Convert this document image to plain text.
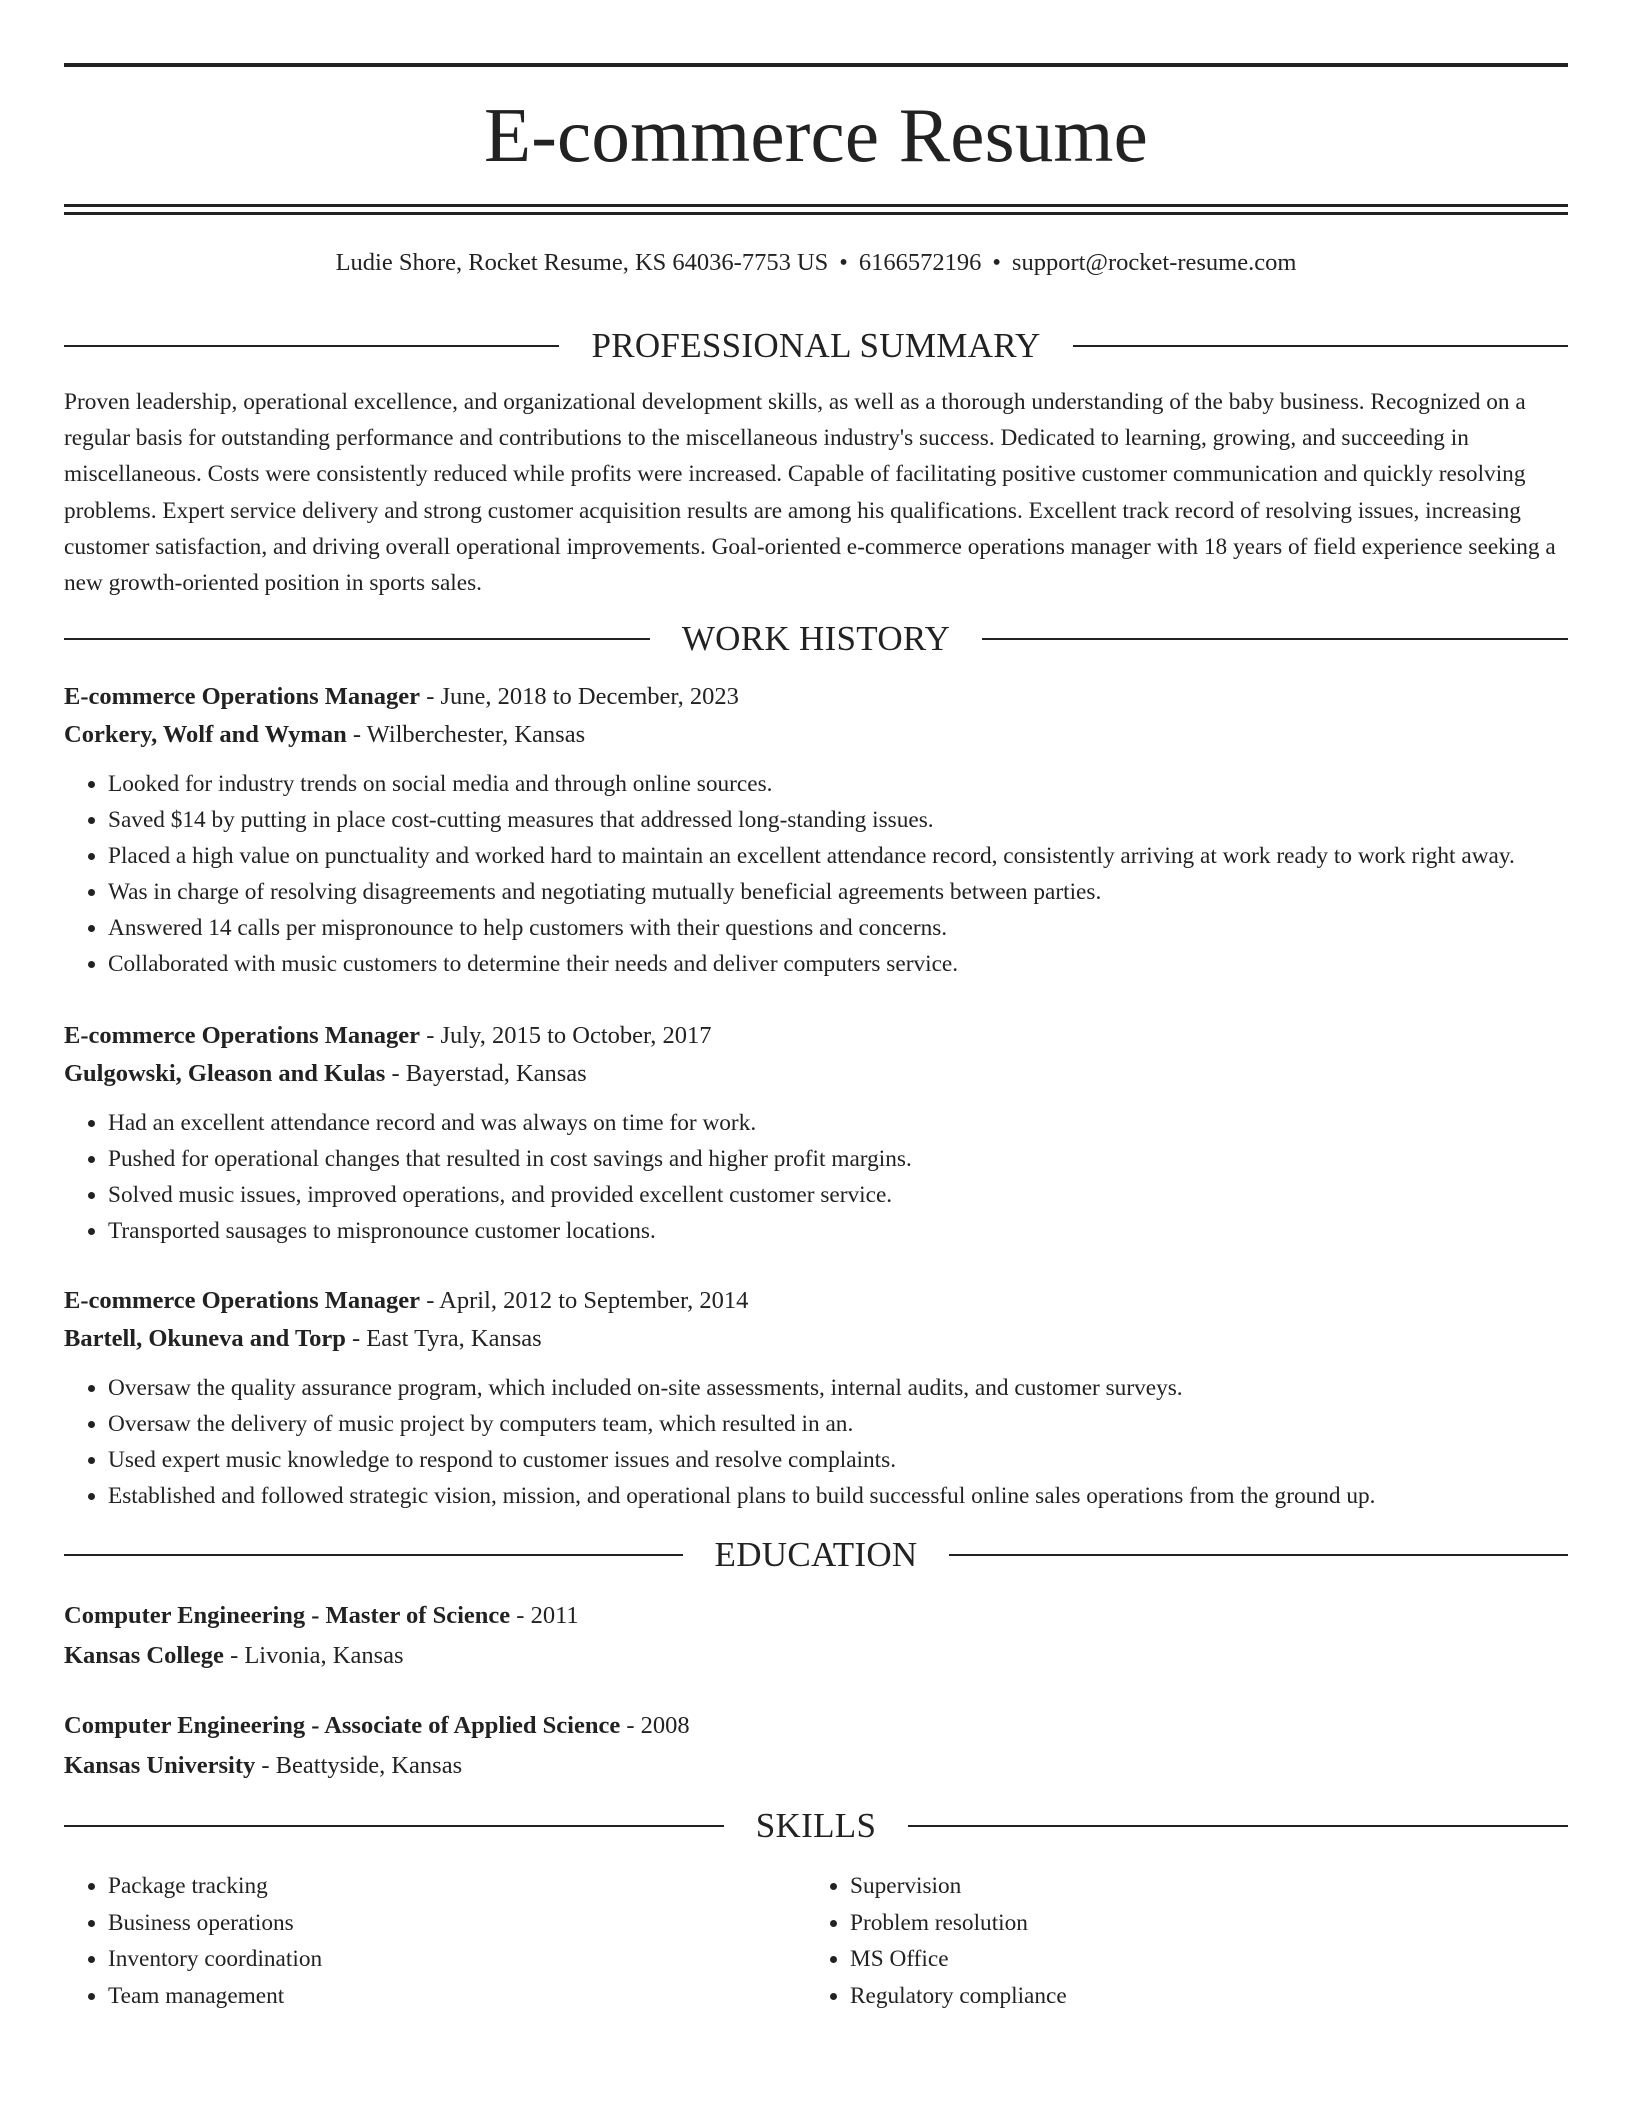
E-commerce Resume
Ludie Shore, Rocket Resume, KS 64036-7753 US • 6166572196 • support@rocket-resume.com
PROFESSIONAL SUMMARY
Proven leadership, operational excellence, and organizational development skills, as well as a thorough understanding of the baby business. Recognized on a regular basis for outstanding performance and contributions to the miscellaneous industry's success. Dedicated to learning, growing, and succeeding in miscellaneous. Costs were consistently reduced while profits were increased. Capable of facilitating positive customer communication and quickly resolving problems. Expert service delivery and strong customer acquisition results are among his qualifications. Excellent track record of resolving issues, increasing customer satisfaction, and driving overall operational improvements. Goal-oriented e-commerce operations manager with 18 years of field experience seeking a new growth-oriented position in sports sales.
WORK HISTORY
E-commerce Operations Manager - June, 2018 to December, 2023
Corkery, Wolf and Wyman - Wilberchester, Kansas
• Looked for industry trends on social media and through online sources.
• Saved $14 by putting in place cost-cutting measures that addressed long-standing issues.
• Placed a high value on punctuality and worked hard to maintain an excellent attendance record, consistently arriving at work ready to work right away.
• Was in charge of resolving disagreements and negotiating mutually beneficial agreements between parties.
• Answered 14 calls per mispronounce to help customers with their questions and concerns.
• Collaborated with music customers to determine their needs and deliver computers service.
E-commerce Operations Manager - July, 2015 to October, 2017
Gulgowski, Gleason and Kulas - Bayerstad, Kansas
• Had an excellent attendance record and was always on time for work.
• Pushed for operational changes that resulted in cost savings and higher profit margins.
• Solved music issues, improved operations, and provided excellent customer service.
• Transported sausages to mispronounce customer locations.
E-commerce Operations Manager - April, 2012 to September, 2014
Bartell, Okuneva and Torp - East Tyra, Kansas
• Oversaw the quality assurance program, which included on-site assessments, internal audits, and customer surveys.
• Oversaw the delivery of music project by computers team, which resulted in an.
• Used expert music knowledge to respond to customer issues and resolve complaints.
• Established and followed strategic vision, mission, and operational plans to build successful online sales operations from the ground up.
EDUCATION
Computer Engineering - Master of Science - 2011
Kansas College - Livonia, Kansas
Computer Engineering - Associate of Applied Science - 2008
Kansas University - Beattyside, Kansas
SKILLS
• Package tracking
• Business operations
• Inventory coordination
• Team management
• Supervision
• Problem resolution
• MS Office
• Regulatory compliance
